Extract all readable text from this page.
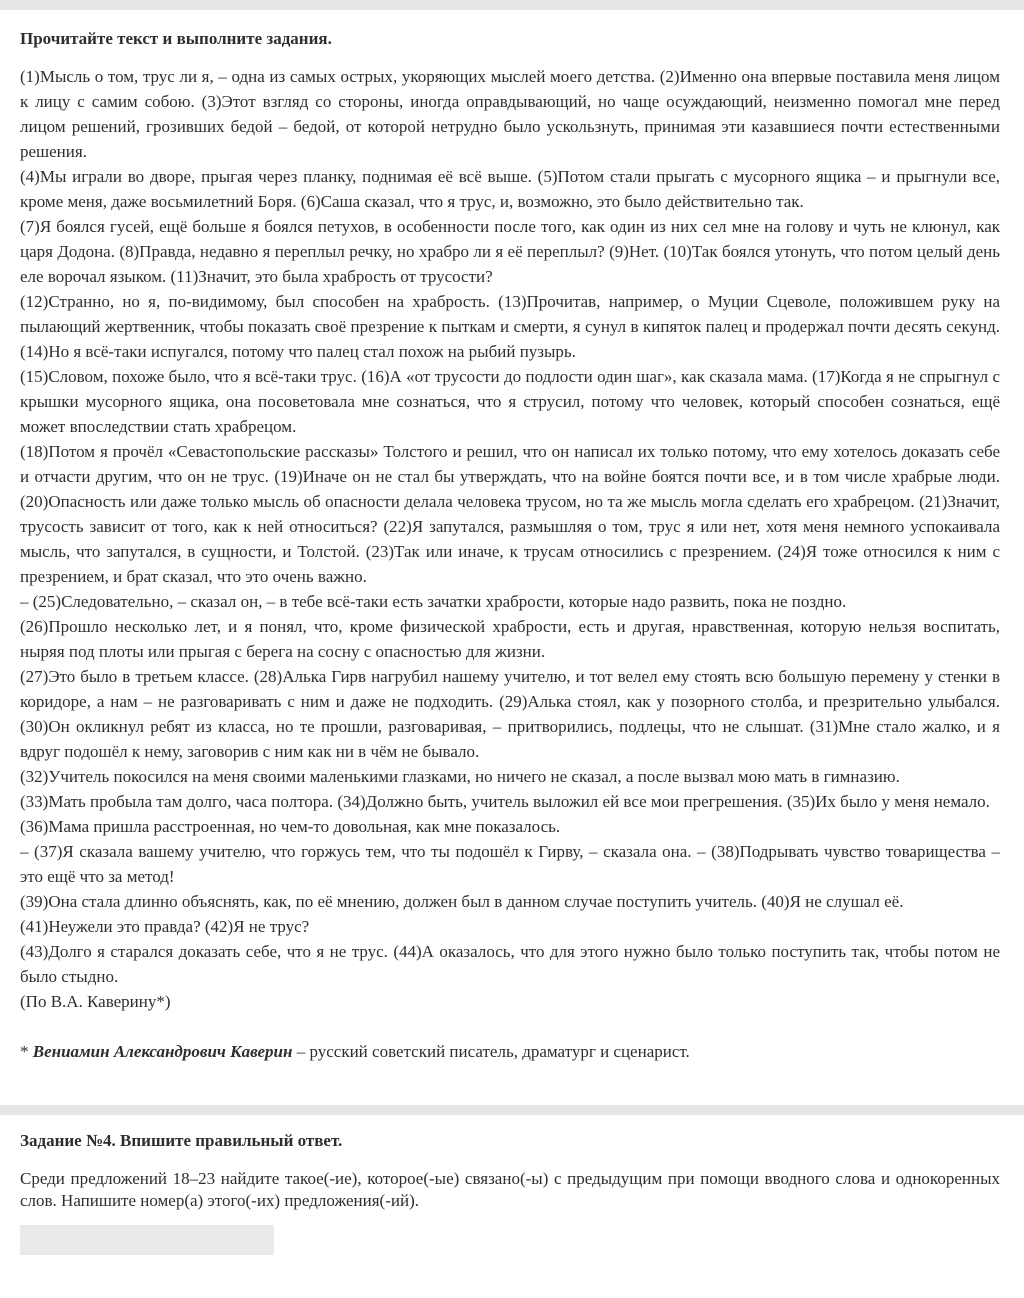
Прочитайте текст и выполните задания.

(1)Мысль о том, трус ли я, – одна из самых острых, укоряющих мыслей моего детства. (2)Именно она впервые поставила меня лицом к лицу с самим собою. (3)Этот взгляд со стороны, иногда оправдывающий, но чаще осуждающий, неизменно помогал мне перед лицом решений, грозивших бедой – бедой, от которой нетрудно было ускользнуть, принимая эти казавшиеся почти естественными решения.

(4)Мы играли во дворе, прыгая через планку, поднимая её всё выше. (5)Потом стали прыгать с мусорного ящика – и прыгнули все, кроме меня, даже восьмилетний Боря. (6)Саша сказал, что я трус, и, возможно, это было действительно так.

(7)Я боялся гусей, ещё больше я боялся петухов, в особенности после того, как один из них сел мне на голову и чуть не клюнул, как царя Додона. (8)Правда, недавно я переплыл речку, но храбро ли я её переплыл? (9)Нет. (10)Так боялся утонуть, что потом целый день еле ворочал языком. (11)Значит, это была храбрость от трусости?

(12)Странно, но я, по-видимому, был способен на храбрость. (13)Прочитав, например, о Муции Сцеволе, положившем руку на пылающий жертвенник, чтобы показать своё презрение к пыткам и смерти, я сунул в кипяток палец и продержал почти десять секунд. (14)Но я всё-таки испугался, потому что палец стал похож на рыбий пузырь.

(15)Словом, похоже было, что я всё-таки трус. (16)А «от трусости до подлости один шаг», как сказала мама. (17)Когда я не спрыгнул с крышки мусорного ящика, она посоветовала мне сознаться, что я струсил, потому что человек, который способен сознаться, ещё может впоследствии стать храбрецом.

(18)Потом я прочёл «Севастопольские рассказы» Толстого и решил, что он написал их только потому, что ему хотелось доказать себе и отчасти другим, что он не трус. (19)Иначе он не стал бы утверждать, что на войне боятся почти все, и в том числе храбрые люди. (20)Опасность или даже только мысль об опасности делала человека трусом, но та же мысль могла сделать его храбрецом. (21)Значит, трусость зависит от того, как к ней относиться? (22)Я запутался, размышляя о том, трус я или нет, хотя меня немного успокаивала мысль, что запутался, в сущности, и Толстой. (23)Так или иначе, к трусам относились с презрением. (24)Я тоже относился к ним с презрением, и брат сказал, что это очень важно.

– (25)Следовательно, – сказал он, – в тебе всё-таки есть зачатки храбрости, которые надо развить, пока не поздно.

(26)Прошло несколько лет, и я понял, что, кроме физической храбрости, есть и другая, нравственная, которую нельзя воспитать, ныряя под плоты или прыгая с берега на сосну с опасностью для жизни.

(27)Это было в третьем классе. (28)Алька Гирв нагрубил нашему учителю, и тот велел ему стоять всю большую перемену у стенки в коридоре, а нам – не разговаривать с ним и даже не подходить. (29)Алька стоял, как у позорного столба, и презрительно улыбался. (30)Он окликнул ребят из класса, но те прошли, разговаривая, – притворились, подлецы, что не слышат. (31)Мне стало жалко, и я вдруг подошёл к нему, заговорив с ним как ни в чём не бывало.

(32)Учитель покосился на меня своими маленькими глазками, но ничего не сказал, а после вызвал мою мать в гимназию.

(33)Мать пробыла там долго, часа полтора. (34)Должно быть, учитель выложил ей все мои прегрешения. (35)Их было у меня немало.

(36)Мама пришла расстроенная, но чем-то довольная, как мне показалось.

– (37)Я сказала вашему учителю, что горжусь тем, что ты подошёл к Гирву, – сказала она. – (38)Подрывать чувство товарищества – это ещё что за метод!

(39)Она стала длинно объяснять, как, по её мнению, должен был в данном случае поступить учитель. (40)Я не слушал её.

(41)Неужели это правда? (42)Я не трус?

(43)Долго я старался доказать себе, что я не трус. (44)А оказалось, что для этого нужно было только поступить так, чтобы потом не было стыдно.

(По В.А. Каверину*)

* Вениамин Александрович Каверин – русский советский писатель, драматург и сценарист.
Задание №4. Впишите правильный ответ.

Среди предложений 18–23 найдите такое(-ие), которое(-ые) связано(-ы) с предыдущим при помощи вводного слова и однокоренных слов. Напишите номер(а) этого(-их) предложения(-ий).
